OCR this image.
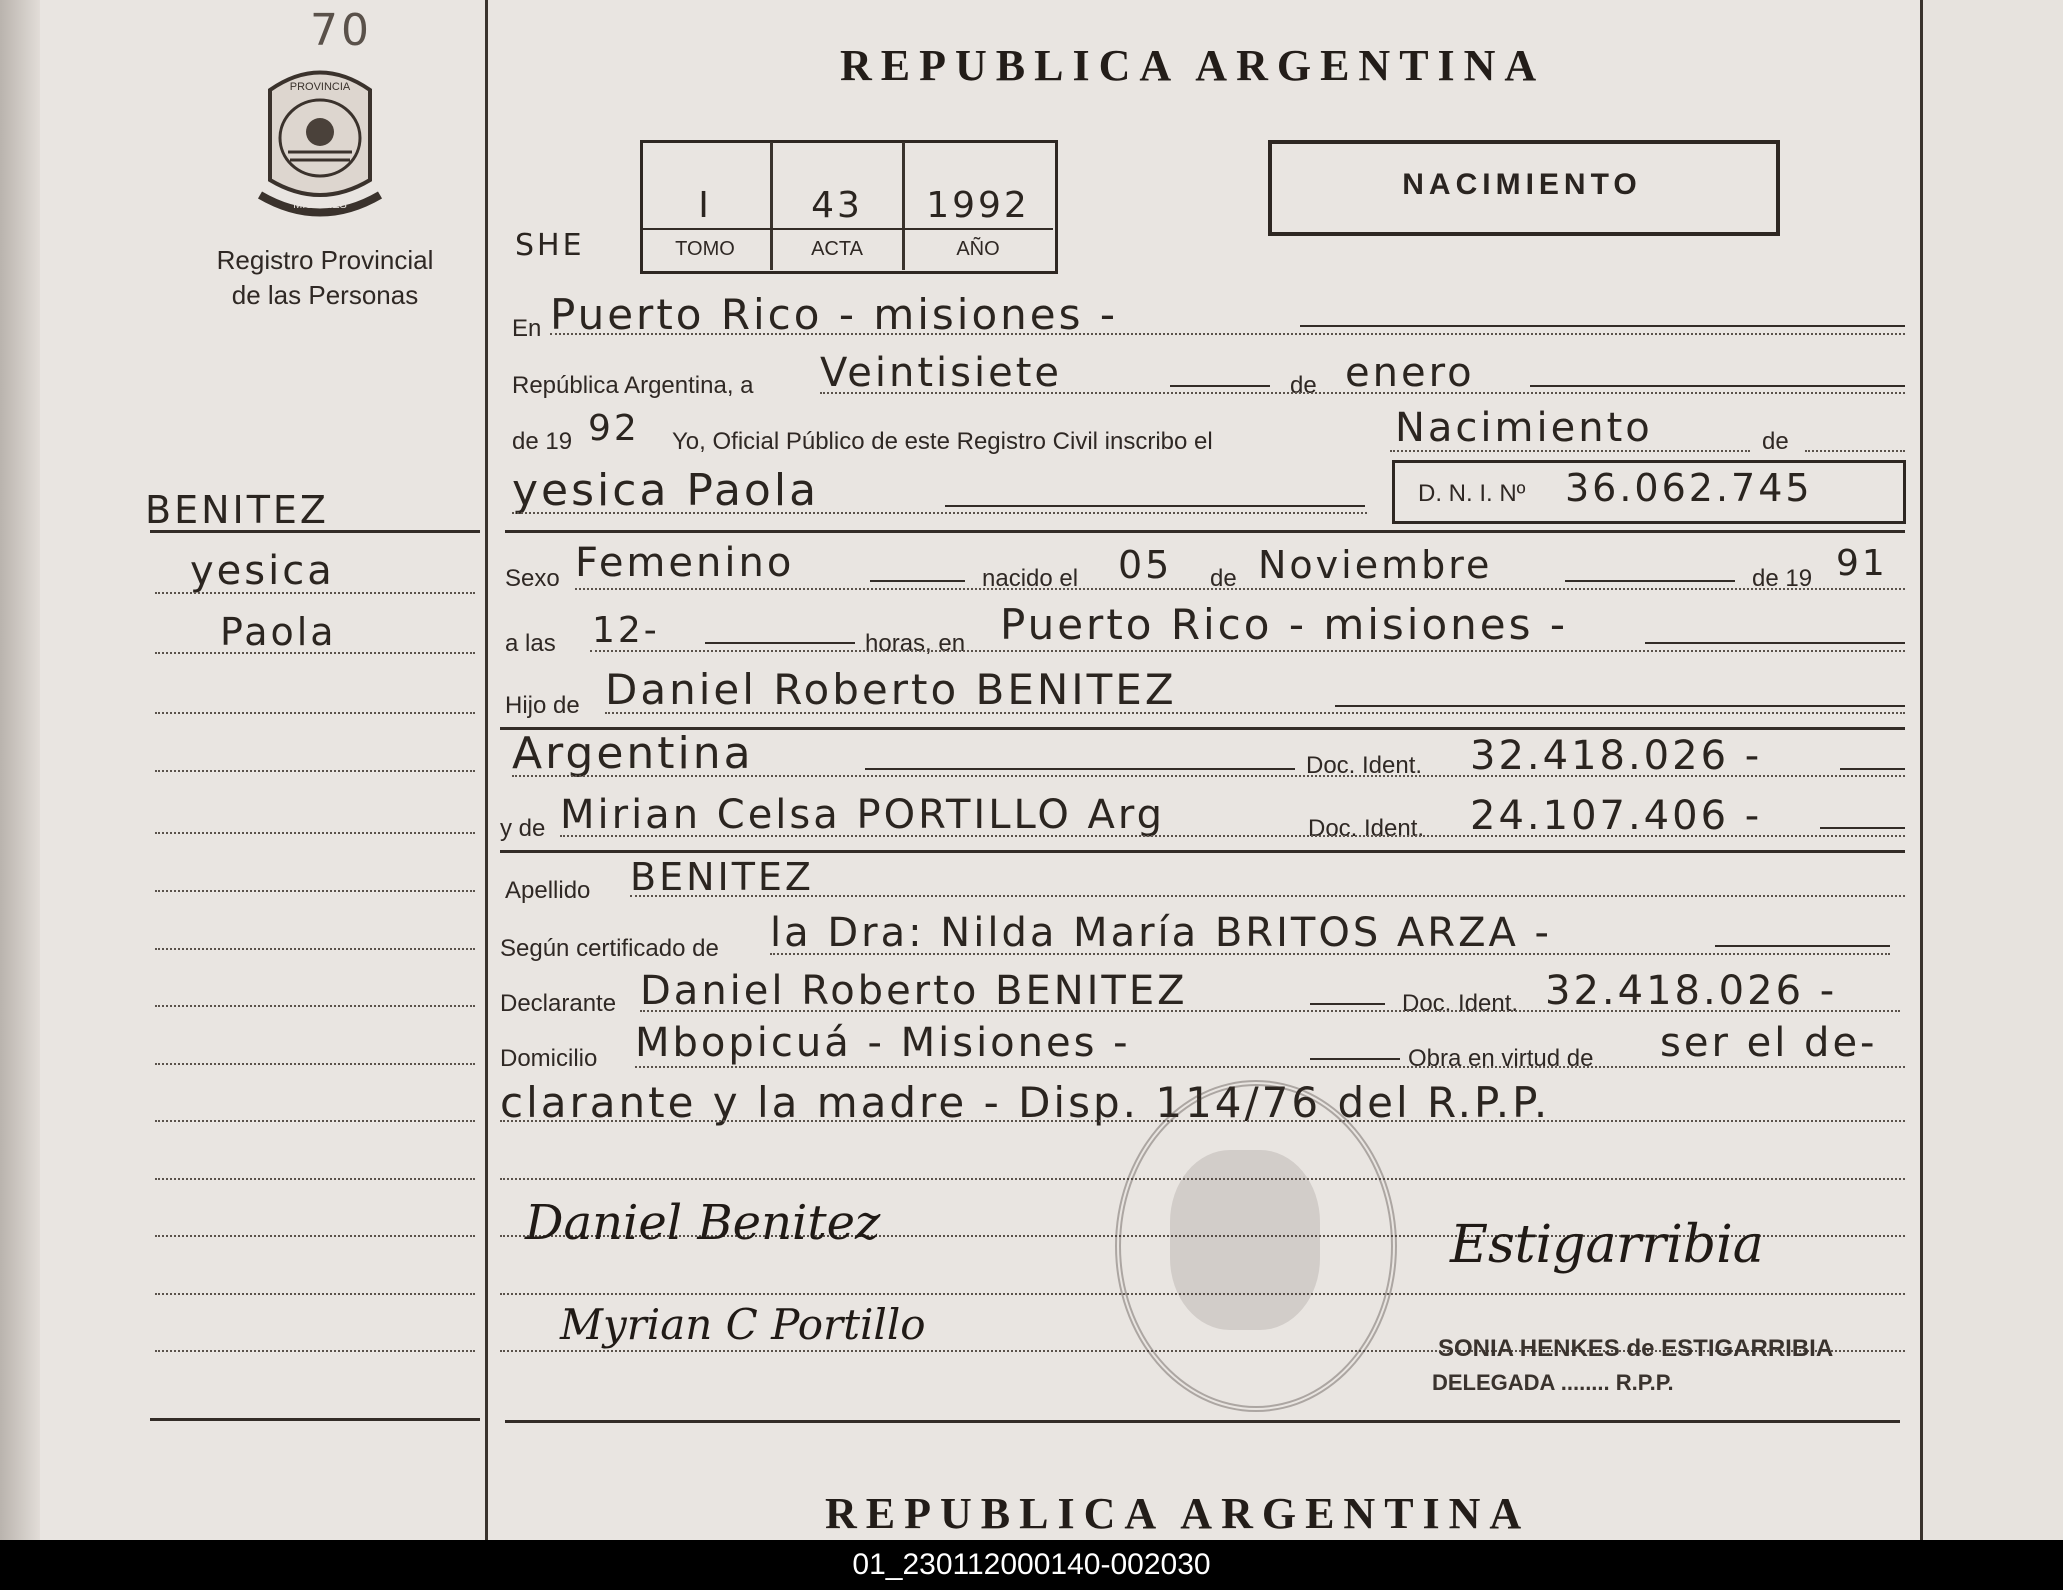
70
PROVINCIA
MISIONES
Registro Provincial
de las Personas
BENITEZ
yesica
Paola
REPUBLICA ARGENTINA
SHE
I	43	1992
TOMO	ACTA	AÑO
NACIMIENTO
En Puerto Rico - misiones -
República Argentina, a Veintisiete	de enero
de 19 92 Yo, Oficial Público de este Registro Civil inscribo el	Nacimiento	de
yesica Paola	D. N. I. Nº 36.062.745
Sexo Femenino	nacido el 05 de Noviembre	de 19 91
a las 12-	horas, en Puerto Rico - misiones -
Hijo de Daniel Roberto BENITEZ
Argentina	Doc. Ident. 32.418.026 -
y de Mirian Celsa PORTILLO Arg	Doc. Ident. 24.107.406 -
Apellido BENITEZ
Según certificado de la Dra: Nilda María BRITOS ARZA -
Declarante Daniel Roberto BENITEZ	Doc. Ident. 32.418.026 -
Domicilio Mbopicuá - Misiones -	Obra en virtud de ser el de-
clarante y la madre - Disp. 114/76 del R.P.P.
Daniel Benitez
Myrian C Portillo
Estigarribia
SONIA HENKES de ESTIGARRIBIA
DELEGADA ........ R.P.P.
REPUBLICA ARGENTINA
01_230112000140-002030
